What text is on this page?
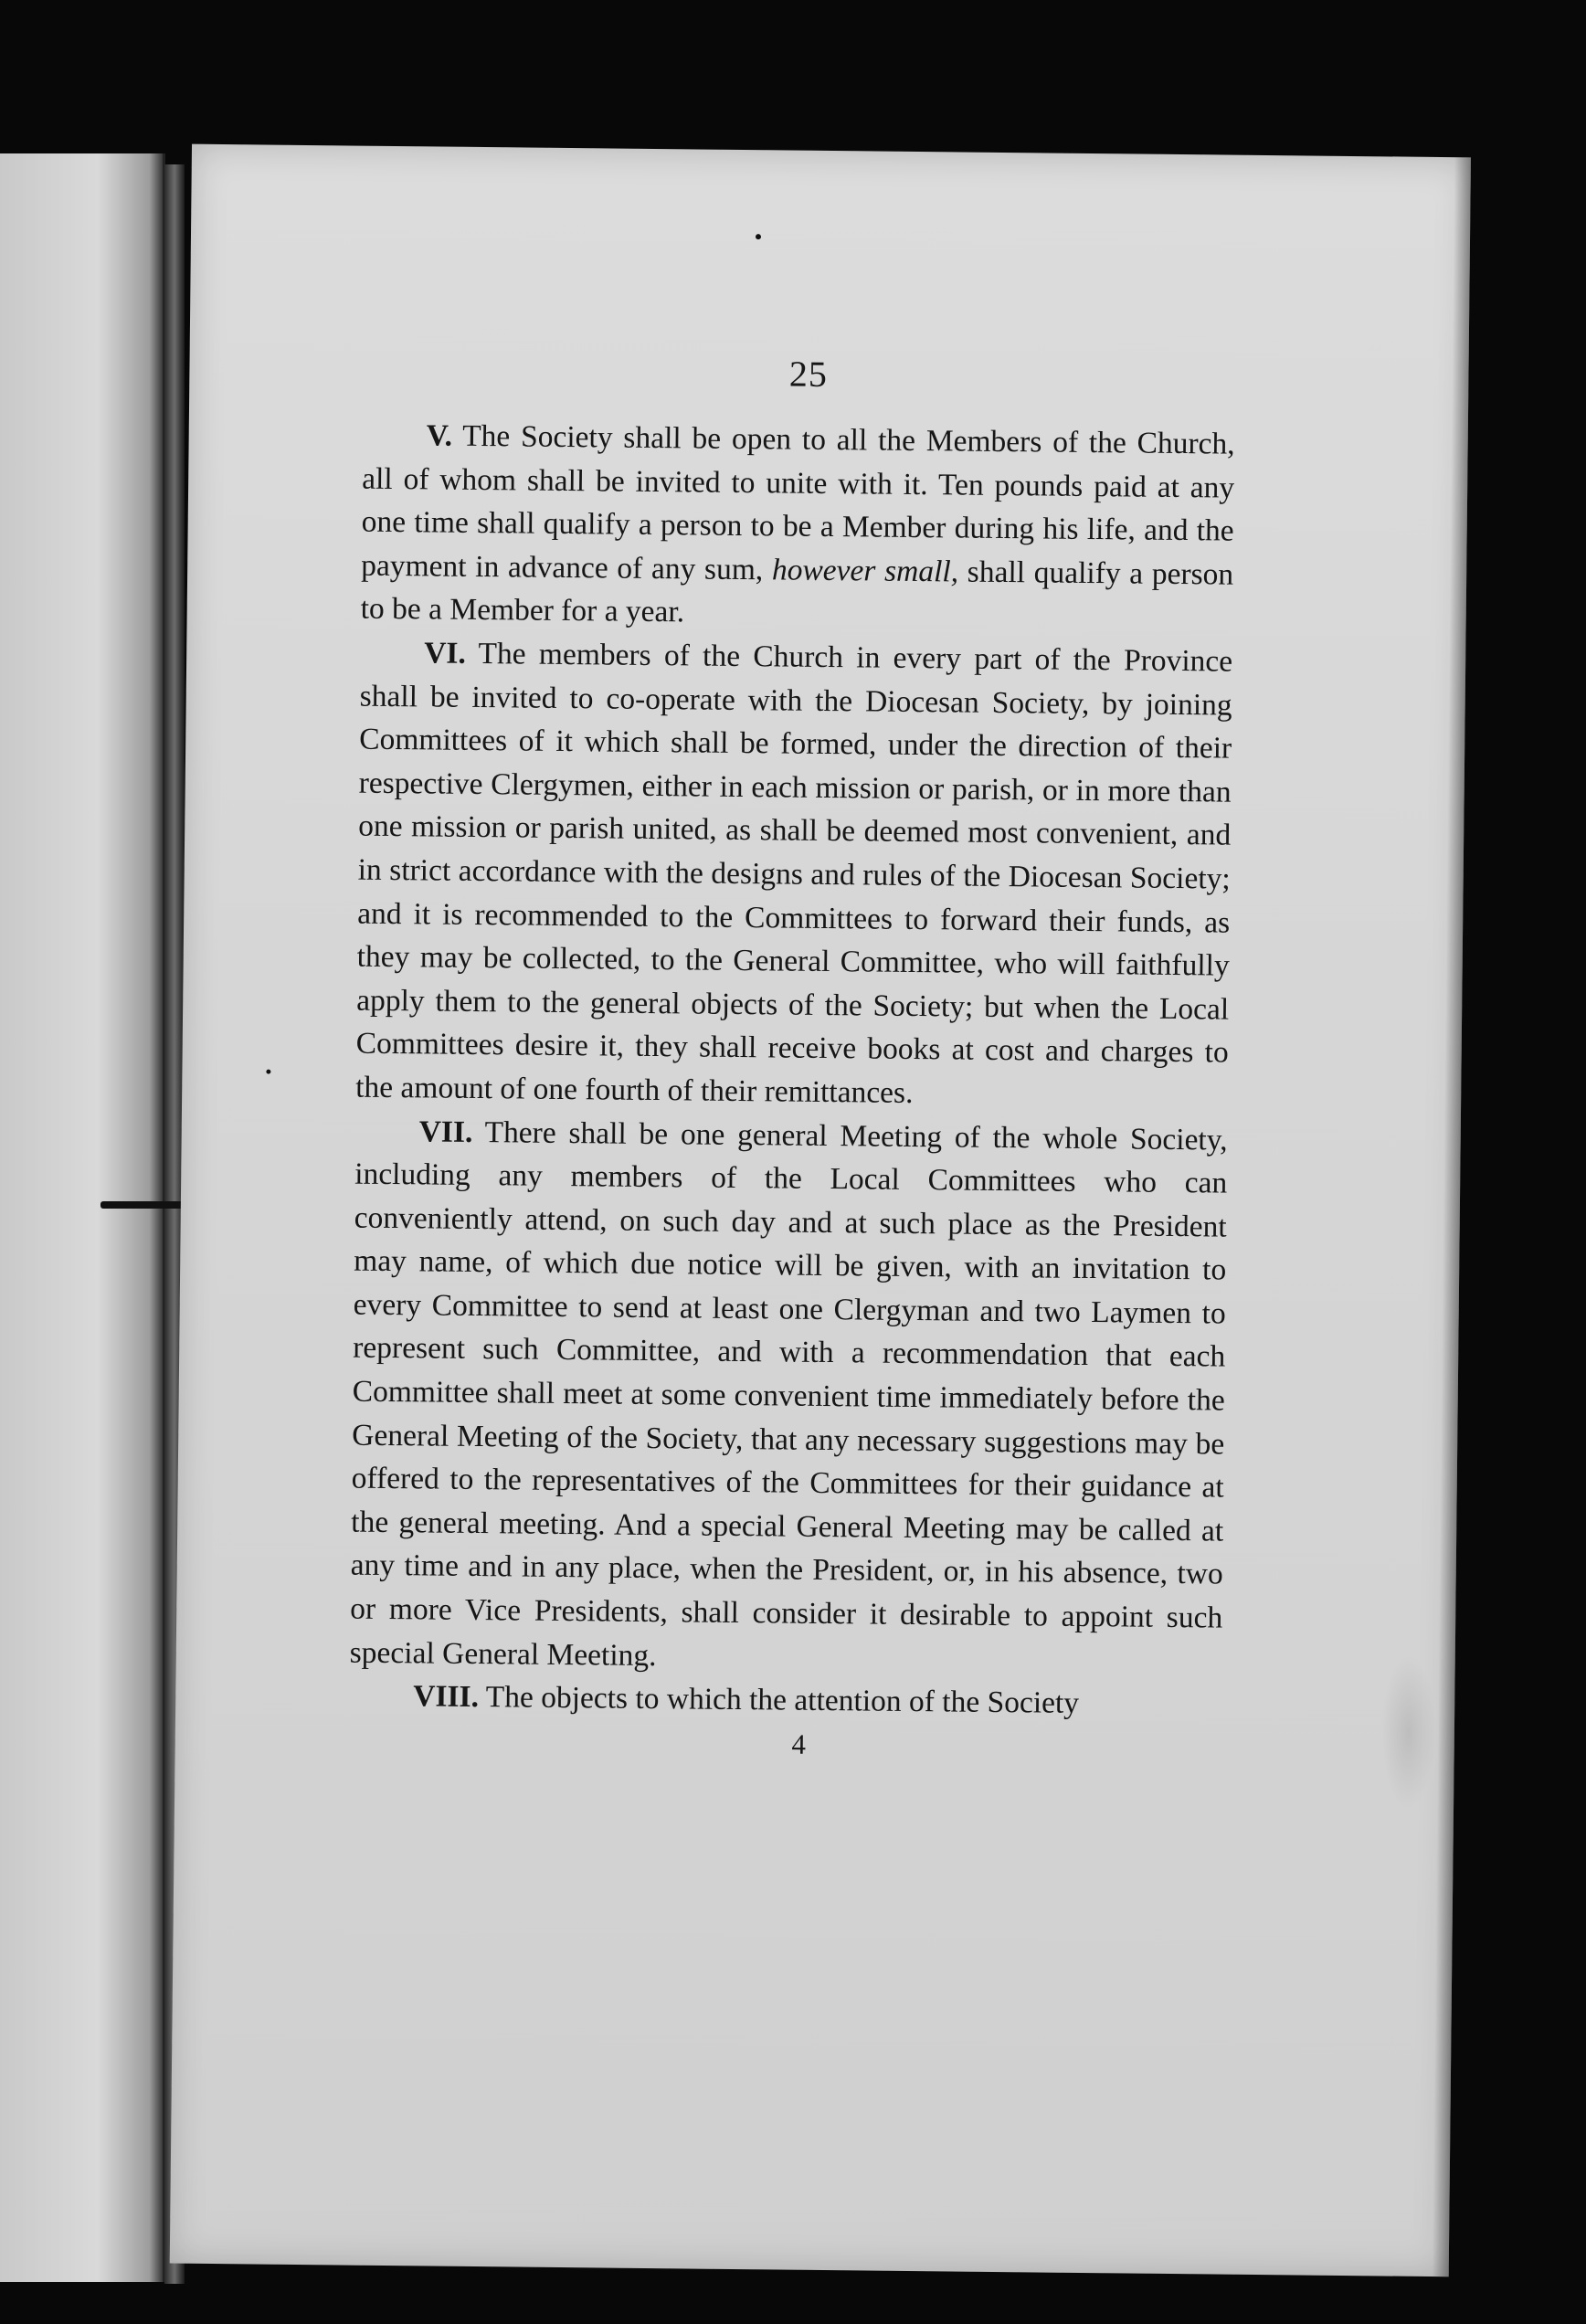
25

V. The Society shall be open to all the Members of the Church, all of whom shall be invited to unite with it. Ten pounds paid at any one time shall qualify a person to be a Member during his life, and the payment in advance of any sum, however small, shall qualify a person to be a Member for a year.

VI. The members of the Church in every part of the Province shall be invited to co-operate with the Diocesan Society, by joining Committees of it which shall be formed, under the direction of their respective Clergymen, either in each mission or parish, or in more than one mission or parish united, as shall be deemed most convenient, and in strict accordance with the designs and rules of the Diocesan Society; and it is recommended to the Committees to forward their funds, as they may be collected, to the General Committee, who will faithfully apply them to the general objects of the Society; but when the Local Committees desire it, they shall receive books at cost and charges to the amount of one fourth of their remittances.

VII. There shall be one general Meeting of the whole Society, including any members of the Local Committees who can conveniently attend, on such day and at such place as the President may name, of which due notice will be given, with an invitation to every Committee to send at least one Clergyman and two Laymen to represent such Committee, and with a recommendation that each Committee shall meet at some convenient time immediately before the General Meeting of the Society, that any necessary suggestions may be offered to the representatives of the Committees for their guidance at the general meeting. And a special General Meeting may be called at any time and in any place, when the President, or, in his absence, two or more Vice Presidents, shall consider it desirable to appoint such special General Meeting.

VIII. The objects to which the attention of the Society

4
